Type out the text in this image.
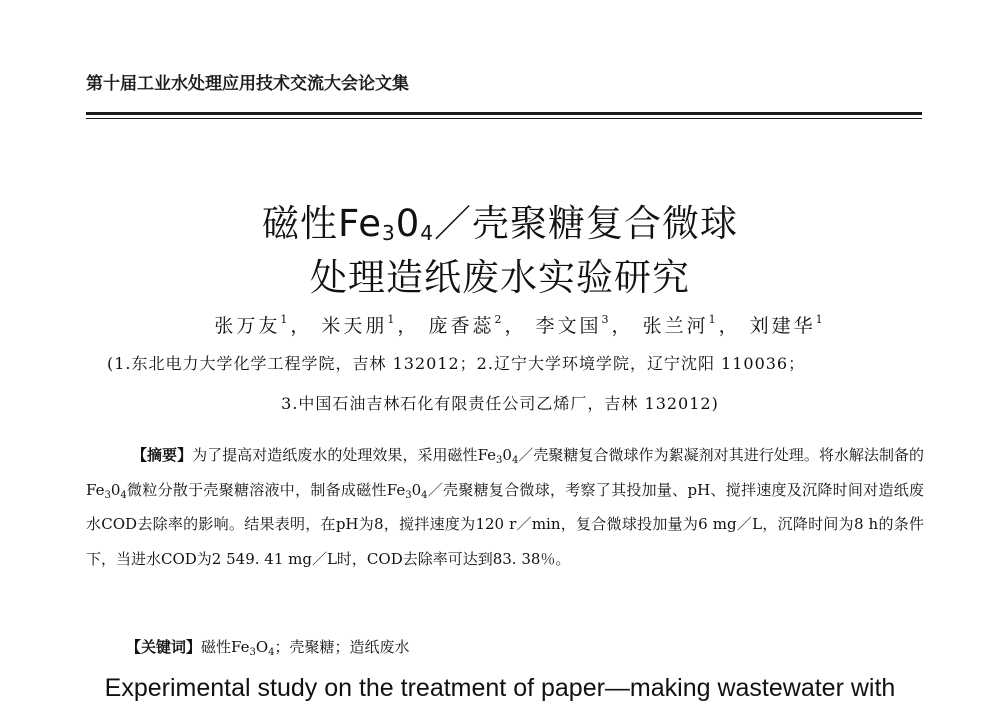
第十届工业水处理应用技术交流大会论文集
磁性$Fe_30_4/$壳聚糖复合微球
处理造纸废水实验研究
张万友$^1$， 米天朋$^1$， 庞香蕊$^2$， 李文国$^3$， 张兰河$^1$， 刘建华$^1$
(1.东北电力大学化学工程学院，吉林 132012；2.辽宁大学环境学院，辽宁沈阳 110036；
3.中国石油吉林石化有限责任公司乙烯厂，吉林 132012)
【摘要】为了提高对造纸废水的处理效果，采用磁性$Fe_30_4/$壳聚糖复合微球作为絮凝剂对其进行处理。将水解法制备的$Fe_30_4$微粒分散于壳聚糖溶液中，制备成磁性$Fe_30_4/$壳聚糖复合微球，考察了其投加量、pH、搅拌速度及沉降时间对造纸废水COD去除率的影响。结果表明，在pH为8，搅拌速度为120 r／min，复合微球投加量为6 mg／L，沉降时间为8 h的条件下，当进水COD为2 549. 41 mg／L时，COD去除率可达到83. 38％。
【关键词】磁性$Fe_3O_4$；壳聚糖；造纸废水
Experimental study on the treatment of paper—making wastewater with
